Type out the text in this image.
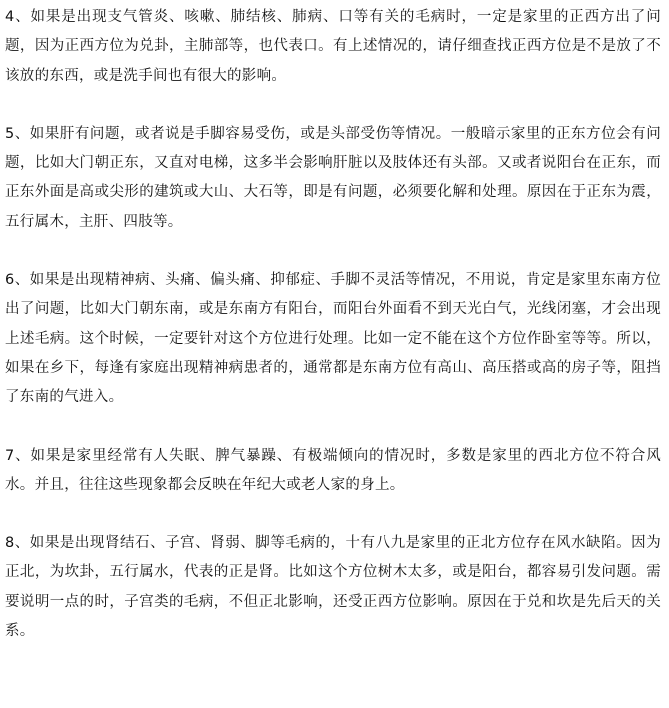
4、如果是出现支气管炎、咳嗽、肺结核、肺病、口等有关的毛病时，一定是家里的正西方出了问题，因为正西方位为兑卦，主肺部等，也代表口。有上述情况的，请仔细查找正西方位是不是放了不该放的东西，或是洗手间也有很大的影响。

5、如果肝有问题，或者说是手脚容易受伤，或是头部受伤等情况。一般暗示家里的正东方位会有问题，比如大门朝正东，又直对电梯，这多半会影响肝脏以及肢体还有头部。又或者说阳台在正东，而正东外面是高或尖形的建筑或大山、大石等，即是有问题，必须要化解和处理。原因在于正东为震，五行属木，主肝、四肢等。

6、如果是出现精神病、头痛、偏头痛、抑郁症、手脚不灵活等情况，不用说，肯定是家里东南方位出了问题，比如大门朝东南，或是东南方有阳台，而阳台外面看不到天光白气，光线闭塞，才会出现上述毛病。这个时候，一定要针对这个方位进行处理。比如一定不能在这个方位作卧室等等。所以，如果在乡下，每逢有家庭出现精神病患者的，通常都是东南方位有高山、高压搭或高的房子等，阻挡了东南的气进入。

7、如果是家里经常有人失眠、脾气暴躁、有极端倾向的情况时，多数是家里的西北方位不符合风水。并且，往往这些现象都会反映在年纪大或老人家的身上。

8、如果是出现肾结石、子宫、肾弱、脚等毛病的，十有八九是家里的正北方位存在风水缺陷。因为正北，为坎卦，五行属水，代表的正是肾。比如这个方位树木太多，或是阳台，都容易引发问题。需要说明一点的时，子宫类的毛病，不但正北影响，还受正西方位影响。原因在于兑和坎是先后天的关系。
